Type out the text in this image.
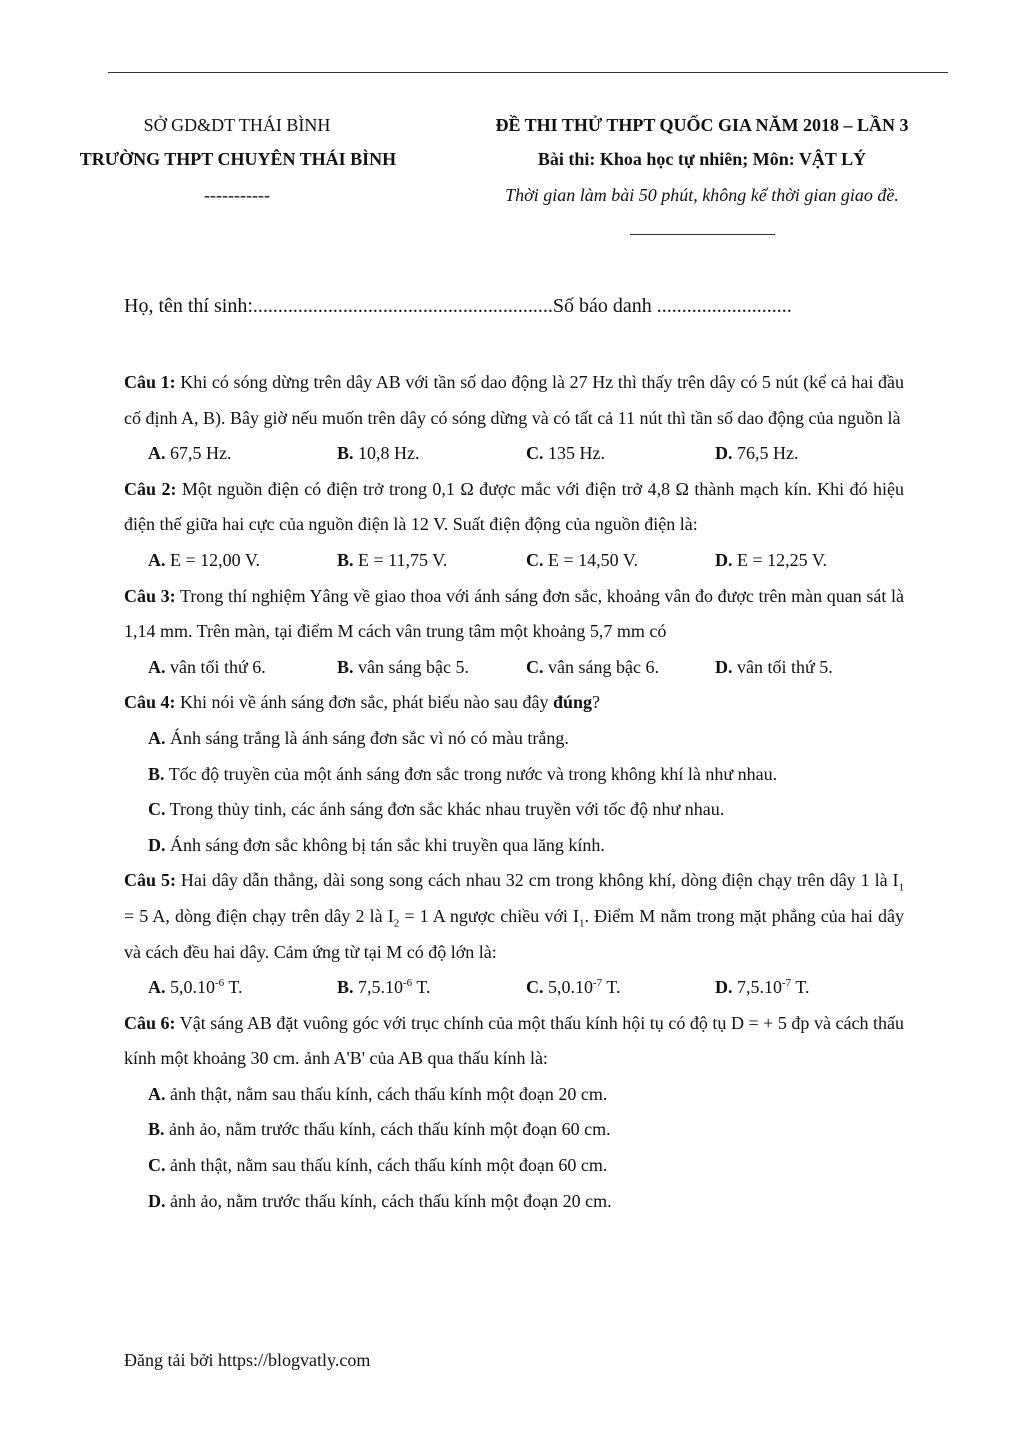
SỞ GD&DT THÁI BÌNH
TRƯỜNG THPT CHUYÊN THÁI BÌNH
-----------
ĐỀ THI THỬ THPT QUỐC GIA NĂM 2018 – LẦN 3
Bài thi: Khoa học tự nhiên; Môn: VẬT LÝ
Thời gian làm bài 50 phút, không kể thời gian giao đề.
Họ, tên thí sinh:............................................................Số báo danh ...........................

Câu 1: Khi có sóng dừng trên dây AB với tần số dao động là 27 Hz thì thấy trên dây có 5 nút (kể cả hai đầu cố định A, B). Bây giờ nếu muốn trên dây có sóng dừng và có tất cả 11 nút thì tần số dao động của nguồn là

A. 67,5 Hz.	B. 10,8 Hz.	C. 135 Hz.	D. 76,5 Hz.

Câu 2: Một nguồn điện có điện trở trong 0,1 Ω được mắc với điện trở 4,8 Ω thành mạch kín. Khi đó hiệu điện thế giữa hai cực của nguồn điện là 12 V. Suất điện động của nguồn điện là:

A. E = 12,00 V.	B. E = 11,75 V.	C. E = 14,50 V.	D. E = 12,25 V.

Câu 3: Trong thí nghiệm Yâng về giao thoa với ánh sáng đơn sắc, khoảng vân đo được trên màn quan sát là 1,14 mm. Trên màn, tại điểm M cách vân trung tâm một khoảng 5,7 mm có

A. vân tối thứ 6.	B. vân sáng bậc 5.	C. vân sáng bậc 6.	D. vân tối thứ 5.

Câu 4: Khi nói về ánh sáng đơn sắc, phát biểu nào sau đây đúng?

A. Ánh sáng trắng là ánh sáng đơn sắc vì nó có màu trắng.
B. Tốc độ truyền của một ánh sáng đơn sắc trong nước và trong không khí là như nhau.
C. Trong thủy tinh, các ánh sáng đơn sắc khác nhau truyền với tốc độ như nhau.
D. Ánh sáng đơn sắc không bị tán sắc khi truyền qua lăng kính.

Câu 5: Hai dây dẫn thẳng, dài song song cách nhau 32 cm trong không khí, dòng điện chạy trên dây 1 là $I_1 = 5$ A, dòng điện chạy trên dây 2 là $I_2 = 1$ A ngược chiều với $I_1$. Điểm M nằm trong mặt phẳng của hai dây và cách đều hai dây. Cảm ứng từ tại M có độ lớn là:

A. $5,0.10^{-6}$ T.	B. $7,5.10^{-6}$ T.	C. $5,0.10^{-7}$ T.	D. $7,5.10^{-7}$ T.

Câu 6: Vật sáng AB đặt vuông góc với trục chính của một thấu kính hội tụ có độ tụ D = + 5 đp và cách thấu kính một khoảng 30 cm. ảnh A'B' của AB qua thấu kính là:

A. ảnh thật, nằm sau thấu kính, cách thấu kính một đoạn 20 cm.
B. ảnh ảo, nằm trước thấu kính, cách thấu kính một đoạn 60 cm.
C. ảnh thật, nằm sau thấu kính, cách thấu kính một đoạn 60 cm.
D. ảnh ảo, nằm trước thấu kính, cách thấu kính một đoạn 20 cm.
Đăng tải bởi https://blogvatly.com
